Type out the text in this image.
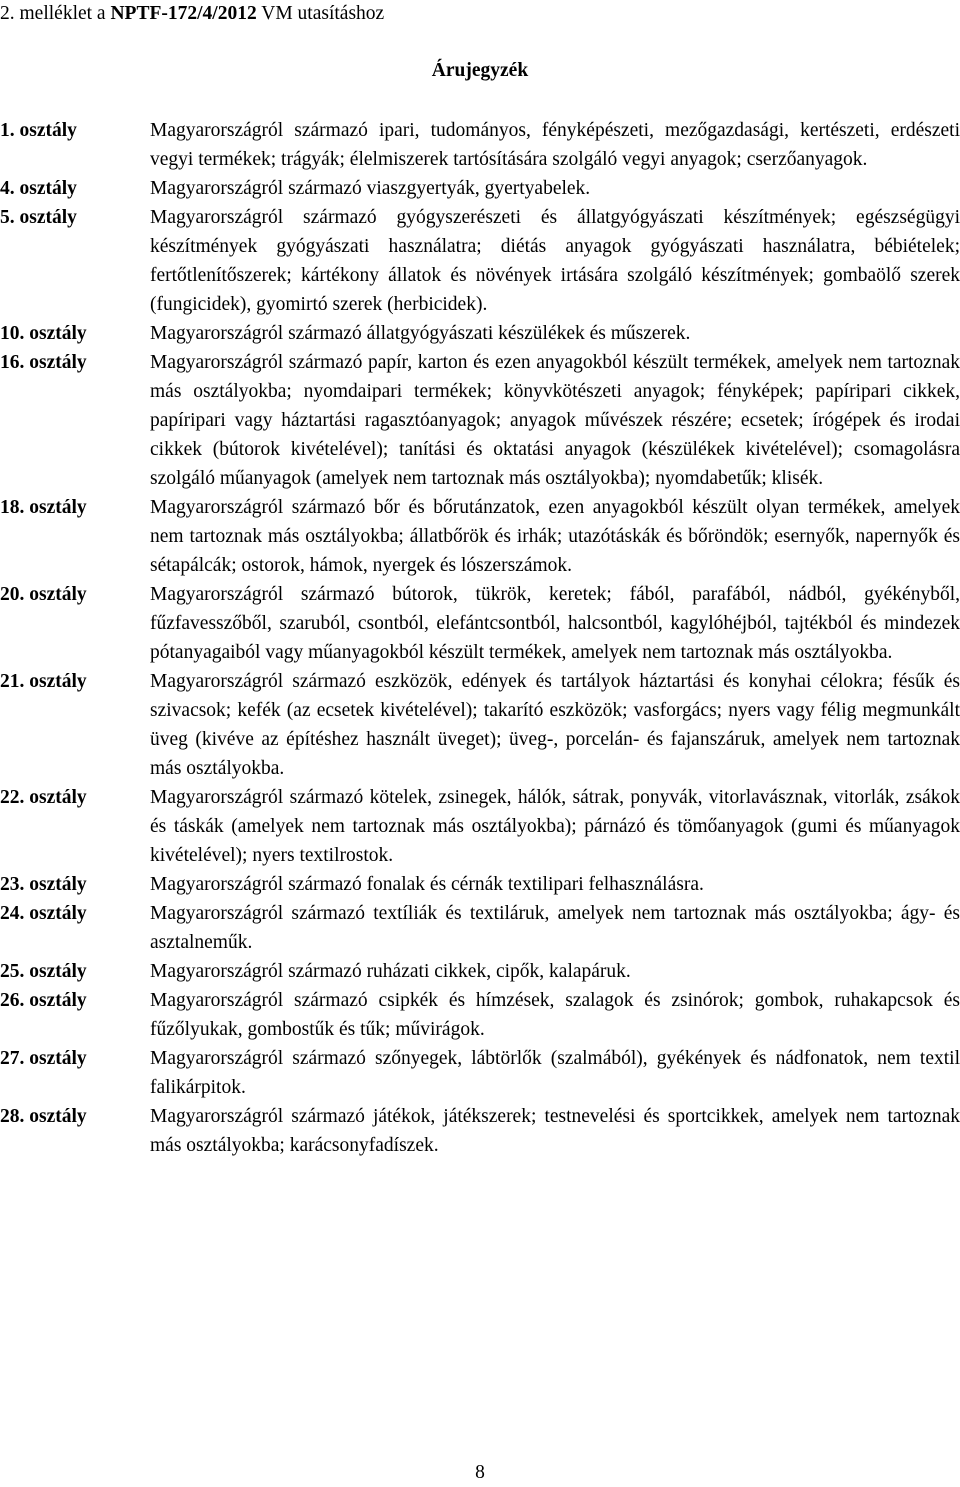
2. melléklet a NPTF-172/4/2012 VM utasításhoz
Árujegyzék
1. osztály	Magyarországról származó ipari, tudományos, fényképészeti, mezőgazdasági, kertészeti, erdészeti vegyi termékek; trágyák; élelmiszerek tartósítására szolgáló vegyi anyagok; cserzőanyagok.
4. osztály	Magyarországról származó viaszgyertyák, gyertyabelek.
5. osztály	Magyarországról származó gyógyszerészeti és állatgyógyászati készítmények; egészségügyi készítmények gyógyászati használatra; diétás anyagok gyógyászati használatra, bébiételek; fertőtlenítőszerek; kártékony állatok és növények irtására szolgáló készítmények; gombaölő szerek (fungicidek), gyomirtó szerek (herbicidek).
10. osztály	Magyarországról származó állatgyógyászati készülékek és műszerek.
16. osztály	Magyarországról származó papír, karton és ezen anyagokból készült termékek, amelyek nem tartoznak más osztályokba; nyomdaipari termékek; könyvkötészeti anyagok; fényképek; papíripari cikkek, papíripari vagy háztartási ragasztóanyagok; anyagok művészek részére; ecsetek; írógépek és irodai cikkek (bútorok kivételével); tanítási és oktatási anyagok (készülékek kivételével); csomagolásra szolgáló műanyagok (amelyek nem tartoznak más osztályokba); nyomdabetűk; klisék.
18. osztály	Magyarországról származó bőr és bőrutánzatok, ezen anyagokból készült olyan termékek, amelyek nem tartoznak más osztályokba; állatbőrök és irhák; utazótáskák és bőröndök; esernyők, napernyők és sétapálcák; ostorok, hámok, nyergek és lószerszámok.
20. osztály	Magyarországról származó bútorok, tükrök, keretek; fából, parafából, nádból, gyékényből, fűzfavesszőből, szaruból, csontból, elefántcsontból, halcsontból, kagylóhéjból, tajtékból és mindezek pótanyagaiból vagy műanyagokból készült termékek, amelyek nem tartoznak más osztályokba.
21. osztály	Magyarországról származó eszközök, edények és tartályok háztartási és konyhai célokra; fésűk és szivacsok; kefék (az ecsetek kivételével); takarító eszközök; vasforgács; nyers vagy félig megmunkált üveg (kivéve az építéshez használt üveget); üveg-, porcelán- és fajanszáruk, amelyek nem tartoznak más osztályokba.
22. osztály	Magyarországról származó kötelek, zsinegek, hálók, sátrak, ponyvák, vitorlavásznak, vitorlák, zsákok és táskák (amelyek nem tartoznak más osztályokba); párnázó és tömőanyagok (gumi és műanyagok kivételével); nyers textilrostok.
23. osztály	Magyarországról származó fonalak és cérnák textilipari felhasználásra.
24. osztály	Magyarországról származó textíliák és textiláruk, amelyek nem tartoznak más osztályokba; ágy- és asztalneműk.
25. osztály	Magyarországról származó ruházati cikkek, cipők, kalapáruk.
26. osztály	Magyarországról származó csipkék és hímzések, szalagok és zsinórok; gombok, ruhakapcsok és fűzőlyukak, gombostűk és tűk; művirágok.
27. osztály	Magyarországról származó szőnyegek, lábtörlők (szalmából), gyékények és nádfonatok, nem textil falikárpitok.
28. osztály	Magyarországról származó játékok, játékszerek; testnevelési és sportcikkek, amelyek nem tartoznak más osztályokba; karácsonyfadíszek.
8
